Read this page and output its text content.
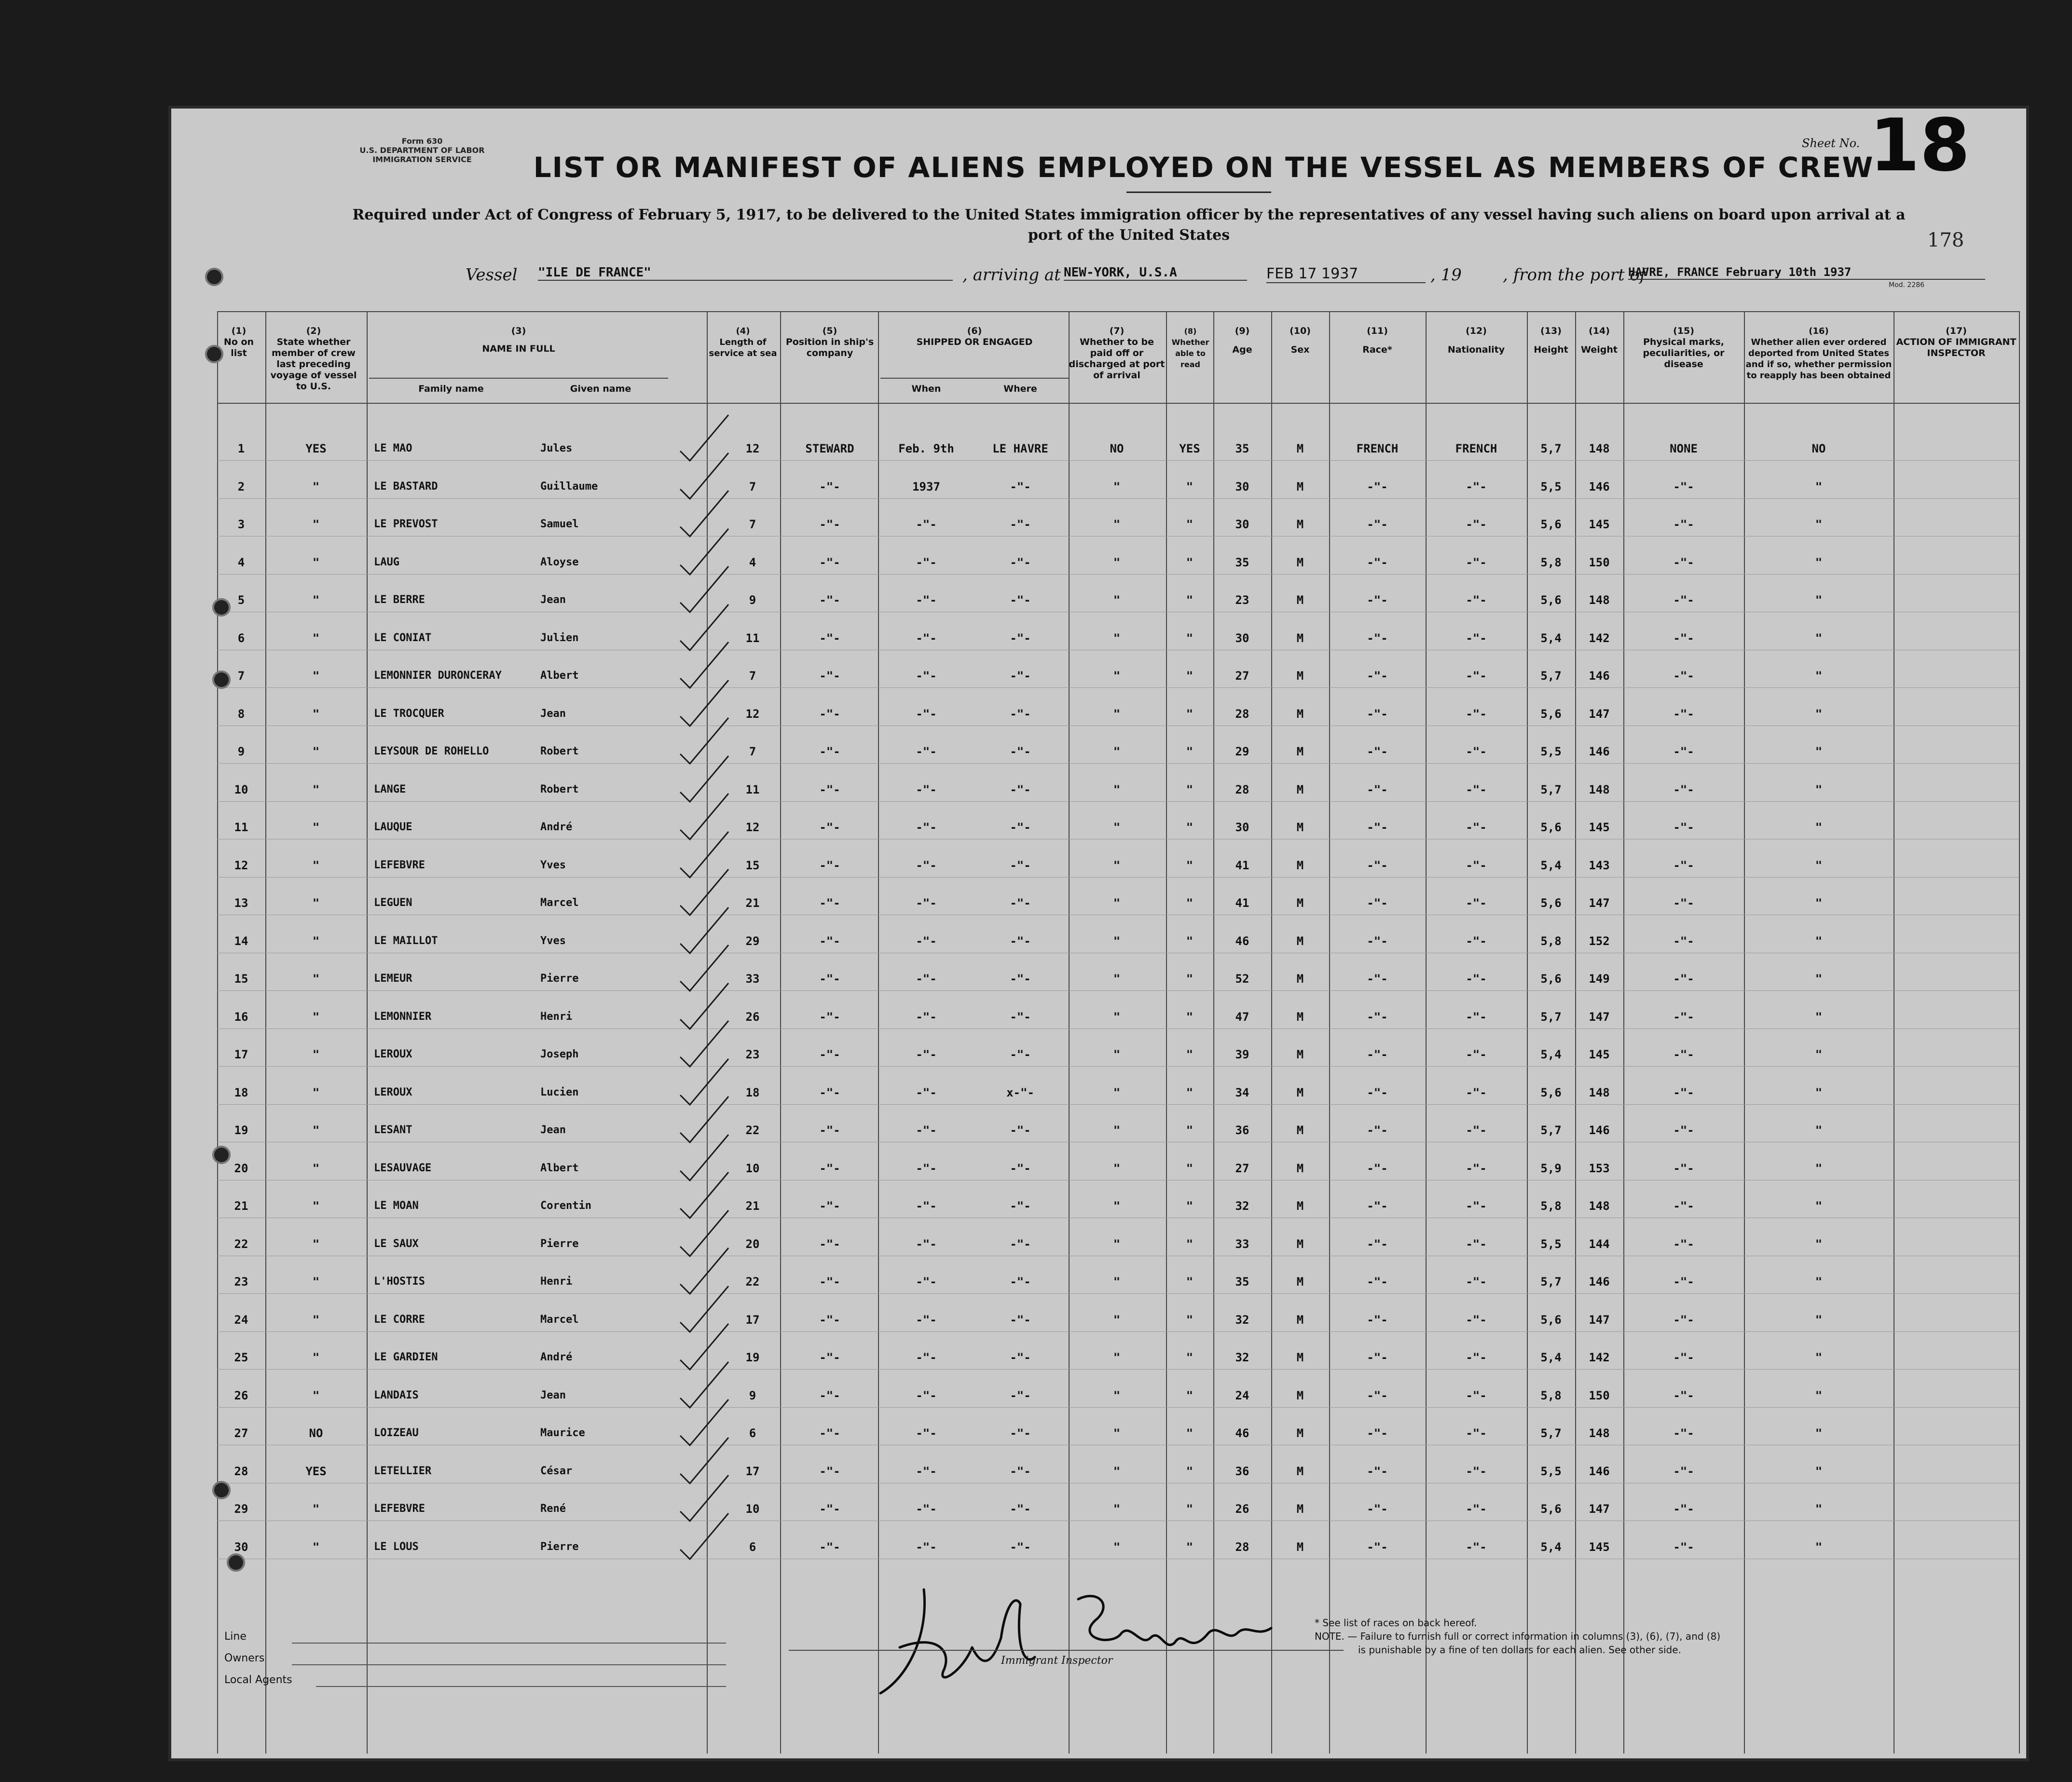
Form 630
U.S. DEPARTMENT OF LABOR
IMMIGRATION SERVICE
Sheet No. 18
178
LIST OR MANIFEST OF ALIENS EMPLOYED ON THE VESSEL AS MEMBERS OF CREW
Required under Act of Congress of February 5, 1917, to be delivered to the United States immigration officer by the representatives of any vessel having such aliens on board upon arrival at a
port of the United States
Vessel "ILE DE FRANCE"	, arriving at NEW-YORK, U.S.A	FEB 17 1937	, 19	, from the port of
HAVRE, FRANCE February 10th 1937
Mod. 2286
(1)
No on list
(2)
State whether member of crew last preceding voyage of vessel to U.S.
(3)
NAME IN FULL
(4)
Length of service at sea
(5)
Position in ship's company
(6)
SHIPPED OR ENGAGED
(7)
Whether to be paid off or discharged at port of arrival
(8)
Whether able to read
(9)
Age
(10)
Sex
(11)
Race*
(12)
Nationality
(13)
Height
(14)
Weight
(15)
Physical marks, peculiarities, or disease
(16)
Whether alien ever ordered deported from United States and if so, whether permission to reapply has been obtained
(17)
ACTION OF IMMIGRANT INSPECTOR
Family name	Given name	When	Where
1	YES	LE MAO	Jules	12	STEWARD	Feb. 9th	LE HAVRE	NO	YES	35	M	FRENCH	FRENCH	5,7	148	NONE	NO
2	"	LE BASTARD	Guillaume	7	-"-	1937	-"-	"	"	30	M	-"-	-"-	5,5	146	-"-	"
3	"	LE PREVOST	Samuel	7	-"-	-"-	-"-	"	"	30	M	-"-	-"-	5,6	145	-"-	"
4	"	LAUG	Aloyse	4	-"-	-"-	-"-	"	"	35	M	-"-	-"-	5,8	150	-"-	"
5	"	LE BERRE	Jean	9	-"-	-"-	-"-	"	"	23	M	-"-	-"-	5,6	148	-"-	"
6	"	LE CONIAT	Julien	11	-"-	-"-	-"-	"	"	30	M	-"-	-"-	5,4	142	-"-	"
7	"	LEMONNIER DURONCERAY	Albert	7	-"-	-"-	-"-	"	"	27	M	-"-	-"-	5,7	146	-"-	"
8	"	LE TROCQUER	Jean	12	-"-	-"-	-"-	"	"	28	M	-"-	-"-	5,6	147	-"-	"
9	"	LEYSOUR DE ROHELLO	Robert	7	-"-	-"-	-"-	"	"	29	M	-"-	-"-	5,5	146	-"-	"
10	"	LANGE	Robert	11	-"-	-"-	-"-	"	"	28	M	-"-	-"-	5,7	148	-"-	"
11	"	LAUQUE	André	12	-"-	-"-	-"-	"	"	30	M	-"-	-"-	5,6	145	-"-	"
12	"	LEFEBVRE	Yves	15	-"-	-"-	-"-	"	"	41	M	-"-	-"-	5,4	143	-"-	"
13	"	LEGUEN	Marcel	21	-"-	-"-	-"-	"	"	41	M	-"-	-"-	5,6	147	-"-	"
14	"	LE MAILLOT	Yves	29	-"-	-"-	-"-	"	"	46	M	-"-	-"-	5,8	152	-"-	"
15	"	LEMEUR	Pierre	33	-"-	-"-	-"-	"	"	52	M	-"-	-"-	5,6	149	-"-	"
16	"	LEMONNIER	Henri	26	-"-	-"-	-"-	"	"	47	M	-"-	-"-	5,7	147	-"-	"
17	"	LEROUX	Joseph	23	-"-	-"-	-"-	"	"	39	M	-"-	-"-	5,4	145	-"-	"
18	"	LEROUX	Lucien	18	-"-	-"-	x-"-	"	"	34	M	-"-	-"-	5,6	148	-"-	"
19	"	LESANT	Jean	22	-"-	-"-	-"-	"	"	36	M	-"-	-"-	5,7	146	-"-	"
20	"	LESAUVAGE	Albert	10	-"-	-"-	-"-	"	"	27	M	-"-	-"-	5,9	153	-"-	"
21	"	LE MOAN	Corentin	21	-"-	-"-	-"-	"	"	32	M	-"-	-"-	5,8	148	-"-	"
22	"	LE SAUX	Pierre	20	-"-	-"-	-"-	"	"	33	M	-"-	-"-	5,5	144	-"-	"
23	"	L'HOSTIS	Henri	22	-"-	-"-	-"-	"	"	35	M	-"-	-"-	5,7	146	-"-	"
24	"	LE CORRE	Marcel	17	-"-	-"-	-"-	"	"	32	M	-"-	-"-	5,6	147	-"-	"
25	"	LE GARDIEN	André	19	-"-	-"-	-"-	"	"	32	M	-"-	-"-	5,4	142	-"-	"
26	"	LANDAIS	Jean	9	-"-	-"-	-"-	"	"	24	M	-"-	-"-	5,8	150	-"-	"
27	NO	LOIZEAU	Maurice	6	-"-	-"-	-"-	"	"	46	M	-"-	-"-	5,7	148	-"-	"
28	YES	LETELLIER	César	17	-"-	-"-	-"-	"	"	36	M	-"-	-"-	5,5	146	-"-	"
29	"	LEFEBVRE	René	10	-"-	-"-	-"-	"	"	26	M	-"-	-"-	5,6	147	-"-	"
30	"	LE LOUS	Pierre	6	-"-	-"-	-"-	"	"	28	M	-"-	-"-	5,4	145	-"-	"
Line
Owners
Local Agents
Immigrant Inspector
* See list of races on back hereof.
NOTE. — Failure to furnish full or correct information in columns (3), (6), (7), and (8)
is punishable by a fine of ten dollars for each alien. See other side.
